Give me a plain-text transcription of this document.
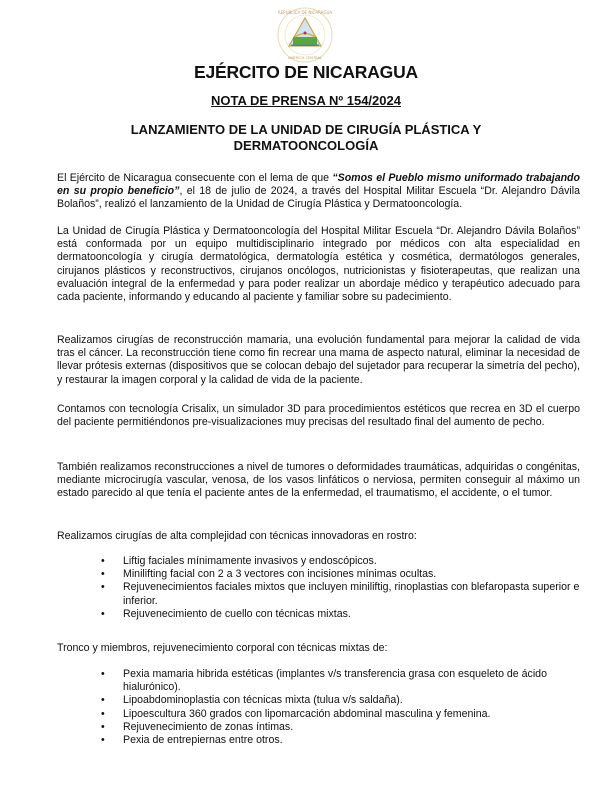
REPUBLICA DE NICARAGUA
AMERICA CENTRAL
EJÉRCITO DE NICARAGUA
NOTA DE PRENSA Nº 154/2024
LANZAMIENTO DE LA UNIDAD DE CIRUGÍA PLÁSTICA Y DERMATOONCOLOGÍA
El Ejército de Nicaragua consecuente con el lema de que “Somos el Pueblo mismo uniformado trabajando en su propio beneficio”, el 18 de julio de 2024, a través del Hospital Militar Escuela “Dr. Alejandro Dávila Bolaños”, realizó el lanzamiento de la Unidad de Cirugía Plástica y Dermatooncología.
La Unidad de Cirugía Plástica y Dermatooncología del Hospital Militar Escuela “Dr. Alejandro Dávila Bolaños” está conformada por un equipo multidisciplinario integrado por médicos con alta especialidad en dermatooncología y cirugía dermatológica, dermatología estética y cosmética, dermatólogos generales, cirujanos plásticos y reconstructivos, cirujanos oncólogos, nutricionistas y fisioterapeutas, que realizan una evaluación integral de la enfermedad y para poder realizar un abordaje médico y terapéutico adecuado para cada paciente, informando y educando al paciente y familiar sobre su padecimiento.
Realizamos cirugías de reconstrucción mamaria, una evolución fundamental para mejorar la calidad de vida tras el cáncer. La reconstrucción tiene como fin recrear una mama de aspecto natural, eliminar la necesidad de llevar prótesis externas (dispositivos que se colocan debajo del sujetador para recuperar la simetría del pecho), y restaurar la imagen corporal y la calidad de vida de la paciente.
Contamos con tecnología Crisalix, un simulador 3D para procedimientos estéticos que recrea en 3D el cuerpo del paciente permitiéndonos pre-visualizaciones muy precisas del resultado final del aumento de pecho.
También realizamos reconstrucciones a nivel de tumores o deformidades traumáticas, adquiridas o congénitas, mediante microcirugía vascular, venosa, de los vasos linfáticos o nerviosa, permiten conseguir al máximo un estado parecido al que tenía el paciente antes de la enfermedad, el traumatismo, el accidente, o el tumor.
Realizamos cirugías de alta complejidad con técnicas innovadoras en rostro:
• Liftig faciales mínimamente invasivos y endoscópicos.
• Minilifting facial con 2 a 3 vectores con incisiones mínimas ocultas.
• Rejuvenecimientos faciales mixtos que incluyen miniliftig, rinoplastias con blefaropasta superior e inferior.
• Rejuvenecimiento de cuello con técnicas mixtas.
Tronco y miembros, rejuvenecimiento corporal con técnicas mixtas de:
• Pexia mamaria hibrida estéticas (implantes v/s transferencia grasa con esqueleto de ácido hialurónico).
• Lipoabdominoplastia con técnicas mixta (tulua v/s saldaña).
• Lipoescultura 360 grados con lipomarcación abdominal masculina y femenina.
• Rejuvenecimiento de zonas íntimas.
• Pexia de entrepiernas entre otros.
